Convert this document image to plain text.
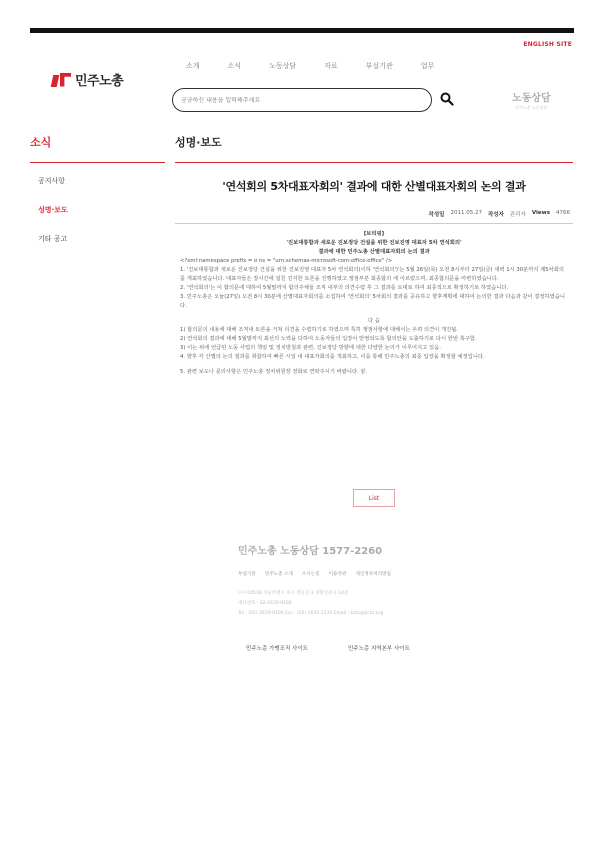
ENGLISH SITE
민주노총
소개	소식	노동상담	자료	부설기관	업무
궁금하신 내용을 입력해주세요
노동상담
민주노총 노동상담
소식
공지사항
성명·보도
기타 공고
성명·보도
'연석회의 5차대표자회의' 결과에 대한 산별대표자회의 논의 결과
작성일 2011.05.27 작성자 관리자 Views 4766

[브리핑]

'진보대통합과 새로운 진보정당 건설을 위한 진보진영 대표자 5차 연석회의'

결과에 대한 민주노총 산별대표자회의 논의 결과

<?xml:namespace prefix = o ns = "urn:schemas-microsoft-com:office:office" />

1. '진보대통합과 새로운 진보정당 건설을 위한 진보진영 대표자 5차 연석회의(이하 '연석회의')'는 5월 26일(목) 오전 8시부터 27일(금) 새벽 1시 30분까지 제5차회의를 개최하였습니다. 대표자들은 장시간에 걸친 진지한 토론을 진행하였고 쟁점부분 최종합의 에 이르렀으며, 최종합의문을 마련하였습니다.

2. '연석회의'는 이 합의문에 대하여 5월말까지 합의주체들 조직 내부의 의견수렴 후 그 결과를 토대로 하여 최종적으로 확정하기로 하였습니다.

3. 민주노총은 오늘(27일) 오전 8시 30분에 산별대표자회의를 소집하여 '연석회의' 5차회의 결과를 공유하고 향후계획에 대하여 논의한 결과 다음과 같이 결정하였습니다.

다 음

1) 합의문의 내용에 대해 조직내 토론을 거쳐 의견을 수렴하기로 하였으며 특히 쟁점사항에 대해서는 우려 의견이 개진됨.

2) 연석회의 결과에 대해 5월말까지 최선의 노력을 다하여 노동자들의 입장이 반영되도록 합의안을 도출하기로 다시 한번 촉구함.

3) 이는 위에 언급된 노동 사업의 책임 및 정치방침과 관련, 진보정당 방향에 대한 다양한 논의가 이루어지고 있음.

4. 향후 각 산별의 논의 결과를 취합하여 빠른 시일 내 대표자회의를 개최하고, 이를 통해 민주노총의 최종 입장을 확정할 예정입니다.

5. 관련 보도나 문의사항은 민주노총 정치위원장 전화로 연락주시기 바랍니다. 끝.

List
민주노총 노동상담 1577-2260
부설기관 민주노총 소개 오시는길 이용약관 개인정보처리방침
(우) 04518 서울특별시 중구 정동길 3 경향신문사 14층
대표번호 : 02-2670-9100
Tel : (02) 2670-9100 Fax : (02) 2635-1134 Email : kctu@kctu.org
민주노총 가맹조직 사이트	민주노총 지역본부 사이트
